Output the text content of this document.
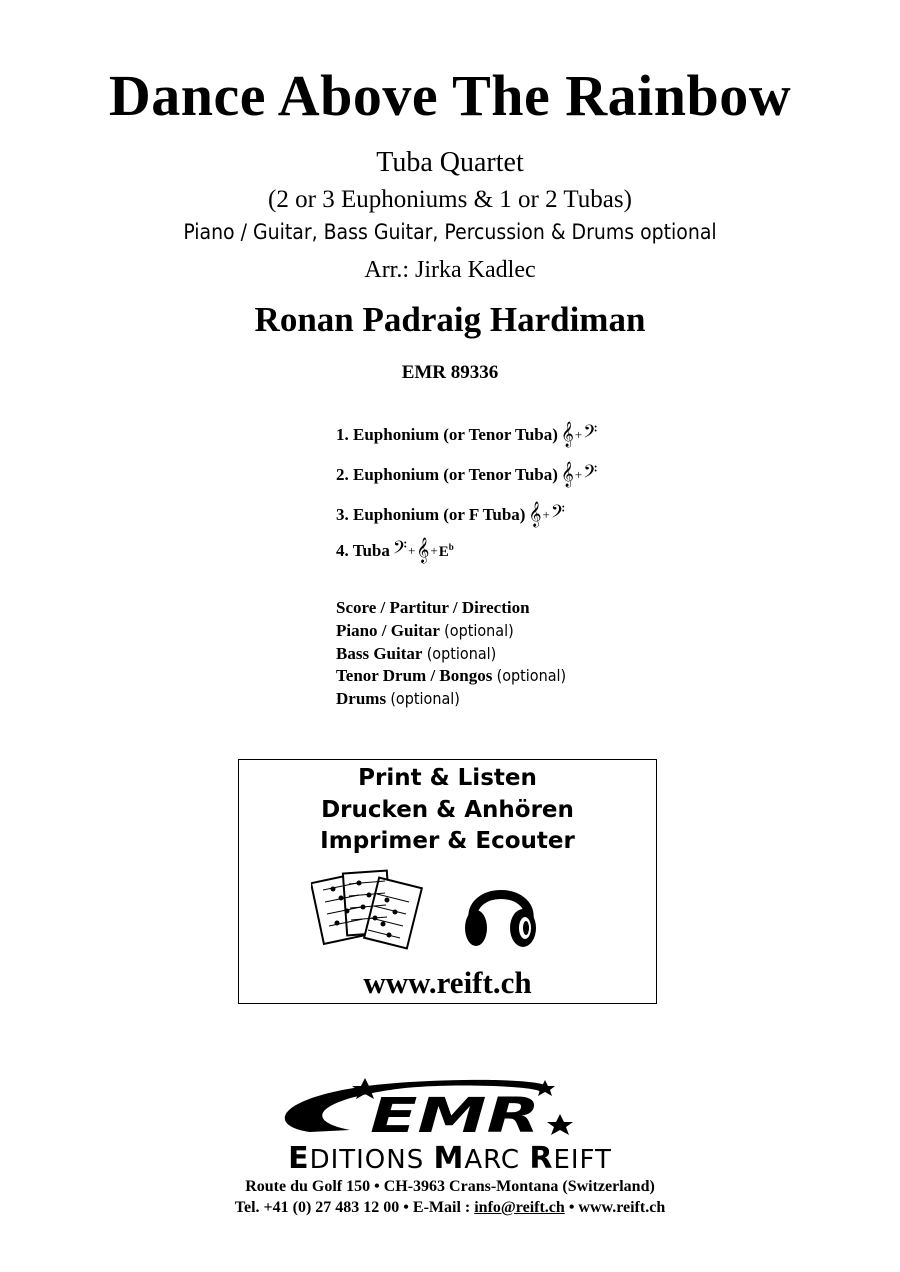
Dance Above The Rainbow
Tuba Quartet
(2 or 3 Euphoniums & 1 or 2 Tubas)
Piano / Guitar, Bass Guitar, Percussion & Drums optional
Arr.: Jirka Kadlec
Ronan Padraig Hardiman
EMR 89336
1. Euphonium (or Tenor Tuba) 𝄞 + 𝄢
2. Euphonium (or Tenor Tuba) 𝄞 + 𝄢
3. Euphonium (or F Tuba) 𝄞 + 𝄢
4. Tuba 𝄢 + 𝄞 + $E^b$
Score / Partitur / Direction
Piano / Guitar (optional)
Bass Guitar (optional)
Tenor Drum / Bongos (optional)
Drums (optional)
Print & Listen
Drucken & Anhören
Imprimer & Ecouter
www.reift.ch
EMR
EDITIONS MARC REIFT
Route du Golf 150 • CH-3963 Crans-Montana (Switzerland)
Tel. +41 (0) 27 483 12 00 • E-Mail : info@reift.ch • www.reift.ch
